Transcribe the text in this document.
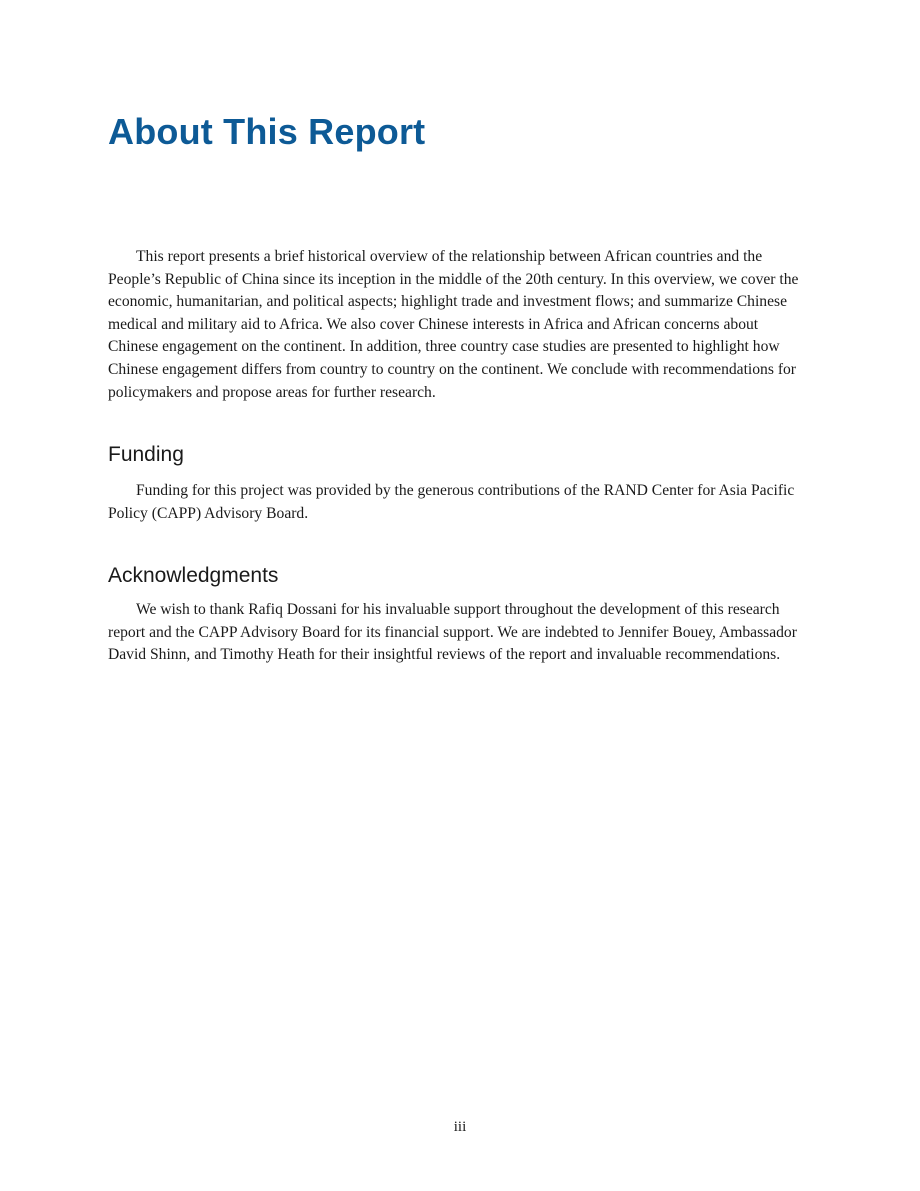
About This Report

This report presents a brief historical overview of the relationship between African countries and the People’s Republic of China since its inception in the middle of the 20th century. In this overview, we cover the economic, humanitarian, and political aspects; highlight trade and investment flows; and summarize Chinese medical and military aid to Africa. We also cover Chinese interests in Africa and African concerns about Chinese engagement on the continent. In addition, three country case studies are presented to highlight how Chinese engagement differs from country to country on the continent. We conclude with recommendations for policymakers and propose areas for further research.

Funding

Funding for this project was provided by the generous contributions of the RAND Center for Asia Pacific Policy (CAPP) Advisory Board.

Acknowledgments

We wish to thank Rafiq Dossani for his invaluable support throughout the development of this research report and the CAPP Advisory Board for its financial support. We are indebted to Jennifer Bouey, Ambassador David Shinn, and Timothy Heath for their insightful reviews of the report and invaluable recommendations.

iii
